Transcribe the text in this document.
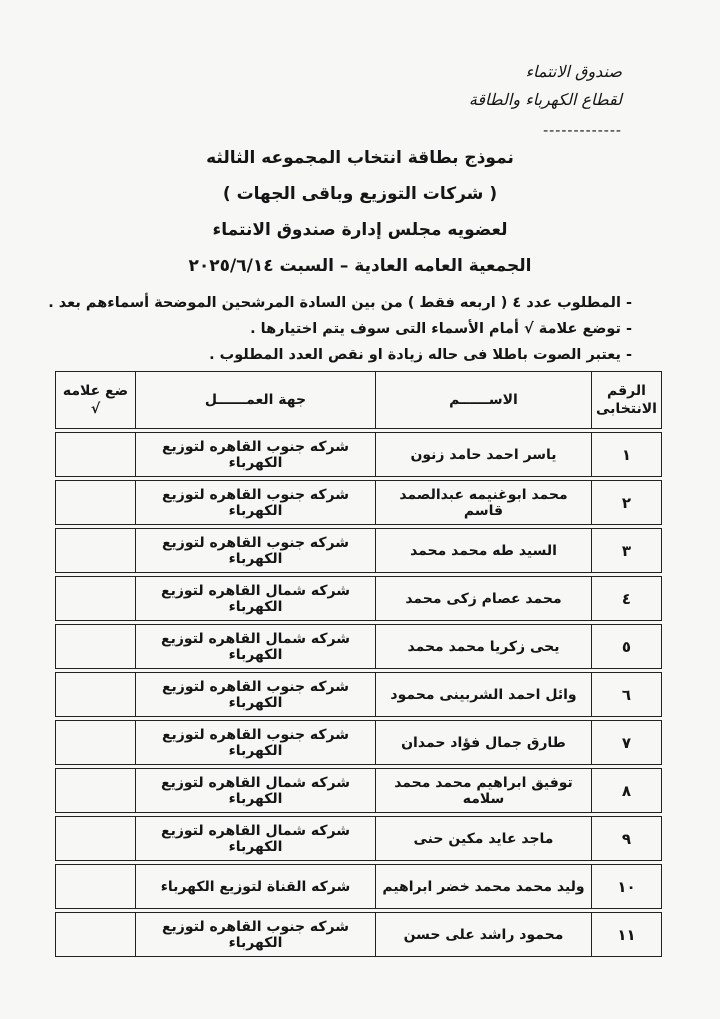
صندوق الانتماء
لقطاع الكهرباء والطاقة
-------------
نموذج بطاقة انتخاب المجموعه الثالثه
( شركات التوزيع وباقى الجهات )
لعضويه مجلس إدارة صندوق الانتماء
الجمعية العامه العادية – السبت ٢٠٢٥/٦/١٤
- المطلوب عدد ٤ ( اربعه فقط ) من بين السادة المرشحين الموضحة أسماءهم بعد .
- توضع علامة √ أمام الأسماء التى سوف يتم اختيارها .
- يعتبر الصوت باطلا فى حاله زيادة او نقص العدد المطلوب .
الرقم الانتخابى	الاســــــم	جهة العمــــــل	ضع علامه √

١	ياسر احمد حامد زنون	شركه جنوب القاهره لتوزيع الكهرباء	

٢	محمد ابوغنيمه عبدالصمد قاسم	شركه جنوب القاهره لتوزيع الكهرباء	

٣	السيد طه محمد محمد	شركه جنوب القاهره لتوزيع الكهرباء	

٤	محمد عصام زكى محمد	شركه شمال القاهره لتوزيع الكهرباء	

٥	يحى زكريا محمد محمد	شركه شمال القاهره لتوزيع الكهرباء	

٦	وائل احمد الشربينى محمود	شركه جنوب القاهره لتوزيع الكهرباء	

٧	طارق جمال فؤاد حمدان	شركه جنوب القاهره لتوزيع الكهرباء	

٨	توفيق ابراهيم محمد محمد سلامه	شركه شمال القاهره لتوزيع الكهرباء	

٩	ماجد عايد مكين حنى	شركه شمال القاهره لتوزيع الكهرباء	

١٠	وليد محمد محمد خضر ابراهيم	شركه القناة لتوزيع الكهرباء	

١١	محمود راشد على حسن	شركه جنوب القاهره لتوزيع الكهرباء	
